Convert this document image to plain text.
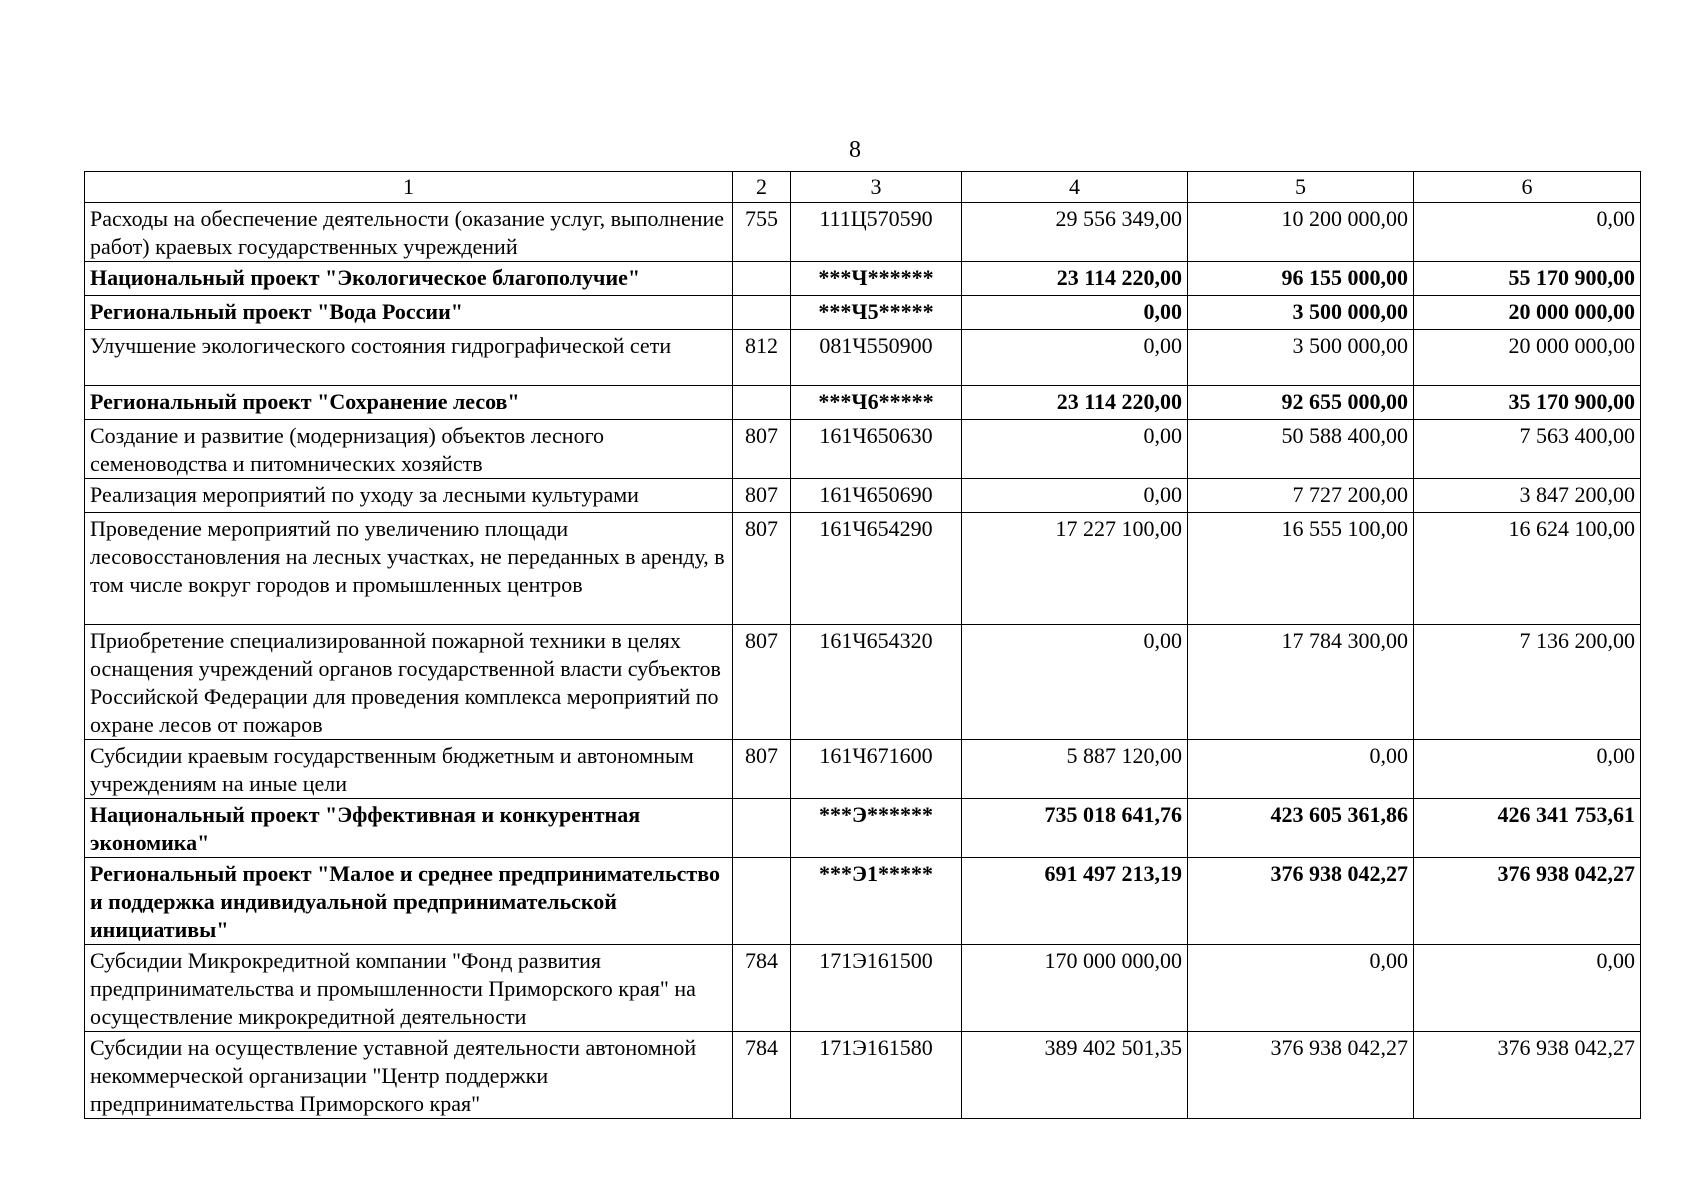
8
1	2	3	4	5	6
Расходы на обеспечение деятельности (оказание услуг, выполнение работ) краевых государственных учреждений	755	111Ц570590	29 556 349,00	10 200 000,00	0,00
Национальный проект "Экологическое благополучие"		***Ч******	23 114 220,00	96 155 000,00	55 170 900,00
Региональный проект "Вода России"		***Ч5*****	0,00	3 500 000,00	20 000 000,00
Улучшение экологического состояния гидрографической сети	812	081Ч550900	0,00	3 500 000,00	20 000 000,00
Региональный проект "Сохранение лесов"		***Ч6*****	23 114 220,00	92 655 000,00	35 170 900,00
Создание и развитие (модернизация) объектов лесного семеноводства и питомнических хозяйств	807	161Ч650630	0,00	50 588 400,00	7 563 400,00
Реализация мероприятий по уходу за лесными культурами	807	161Ч650690	0,00	7 727 200,00	3 847 200,00
Проведение мероприятий по увеличению площади лесовосстановления на лесных участках, не переданных в аренду, в том числе вокруг городов и промышленных центров	807	161Ч654290	17 227 100,00	16 555 100,00	16 624 100,00
Приобретение специализированной пожарной техники в целях оснащения учреждений органов государственной власти субъектов Российской Федерации для проведения комплекса мероприятий по охране лесов от пожаров	807	161Ч654320	0,00	17 784 300,00	7 136 200,00
Субсидии краевым государственным бюджетным и автономным учреждениям на иные цели	807	161Ч671600	5 887 120,00	0,00	0,00
Национальный проект "Эффективная и конкурентная экономика"		***Э******	735 018 641,76	423 605 361,86	426 341 753,61
Региональный проект "Малое и среднее предпринимательство и поддержка индивидуальной предпринимательской инициативы"		***Э1*****	691 497 213,19	376 938 042,27	376 938 042,27
Субсидии Микрокредитной компании "Фонд развития предпринимательства и промышленности Приморского края" на осуществление микрокредитной деятельности	784	171Э161500	170 000 000,00	0,00	0,00
Субсидии на осуществление уставной деятельности автономной некоммерческой организации "Центр поддержки предпринимательства Приморского края"	784	171Э161580	389 402 501,35	376 938 042,27	376 938 042,27
